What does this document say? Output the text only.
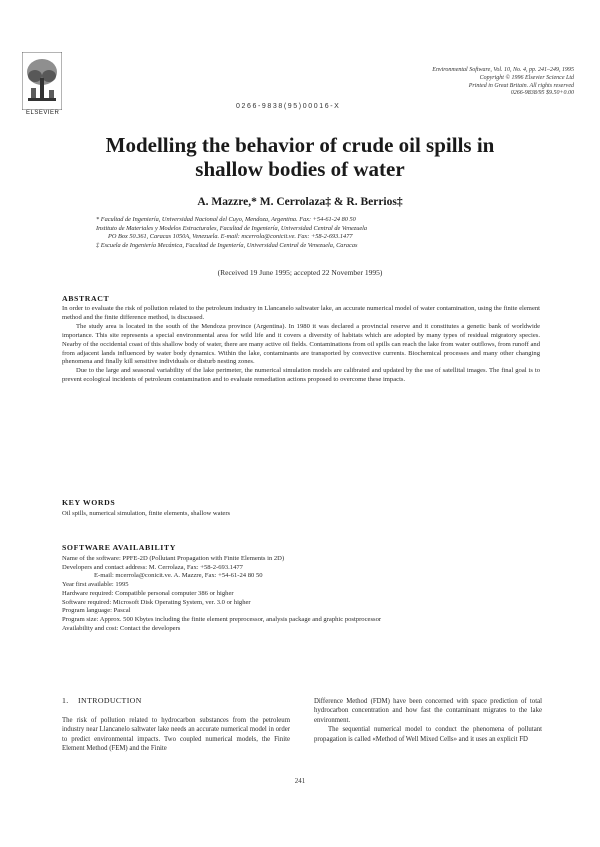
ELSEVIER
Environmental Software, Vol. 10, No. 4, pp. 241–249, 1995
Copyright © 1996 Elsevier Science Ltd
Printed in Great Britain. All rights reserved
0266-9838/95 $9.50+0.00
0266-9838(95)00016-X
Modelling the behavior of crude oil spills in
shallow bodies of water
A. Mazzre,* M. Cerrolaza‡ & R. Berrios‡
* Facultad de Ingeniería, Universidad Nacional del Cuyo, Mendoza, Argentina. Fax: +54-61-24 80 50
Instituto de Materiales y Modelos Estructurales, Facultad de Ingeniería, Universidad Central de Venezuela
PO Box 50.361, Caracas 1050A, Venezuela. E-mail: mcerrola@conicit.ve. Fax: +58-2-693.1477
‡ Escuela de Ingeniería Mecánica, Facultad de Ingeniería, Universidad Central de Venezuela, Caracas
(Received 19 June 1995; accepted 22 November 1995)
ABSTRACT

In order to evaluate the risk of pollution related to the petroleum industry in Llancanelo saltwater lake, an accurate numerical model of water contamination, using the finite element method and the finite difference method, is discussed.

The study area is located in the south of the Mendoza province (Argentina). In 1980 it was declared a provincial reserve and it constitutes a genetic bank of worldwide importance. This site represents a special environmental area for wild life and it covers a diversity of habitats which are adopted by many types of residual migratory species. Nearby of the occidental coast of this shallow body of water, there are many active oil fields. Contaminations from oil spills can reach the lake from water outflows, from runoff and from adjacent lands influenced by water body dynamics. Within the lake, contaminants are transported by convective currents. Biochemical processes and many other changing phenomena and finally kill sensitive individuals or disturb nesting zones.

Due to the large and seasonal variability of the lake perimeter, the numerical simulation models are calibrated and updated by the use of satellital images. The final goal is to prevent ecological incidents of petroleum contamination and to evaluate remediation actions proposed to overcome these impacts.

KEY WORDS
Oil spills, numerical simulation, finite elements, shallow waters
SOFTWARE AVAILABILITY
Name of the software: PPFE-2D (Pollutant Propagation with Finite Elements in 2D)
Developers and contact address: M. Cerrolaza, Fax: +58-2-693.1477
E-mail: mcerrola@conicit.ve. A. Mazzre, Fax: +54-61-24 80 50
Year first available: 1995
Hardware required: Compatible personal computer 386 or higher
Software required: Microsoft Disk Operating System, ver. 3.0 or higher
Program language: Pascal
Program size: Approx. 500 Kbytes including the finite element preprocessor, analysis package and graphic postprocessor
Availability and cost: Contact the developers
1.    INTRODUCTION
The risk of pollution related to hydrocarbon substances from the petroleum industry near Llancanelo saltwater lake needs an accurate numerical model in order to predict environmental impacts. Two coupled numerical models, the Finite Element Method (FEM) and the Finite

Difference Method (FDM) have been concerned with space prediction of total hydrocarbon concentration and how fast the contaminant migrates to the lake environment.

The sequential numerical model to conduct the phenomena of pollutant propagation is called «Method of Well Mixed Cells» and it uses an explicit FD

241
